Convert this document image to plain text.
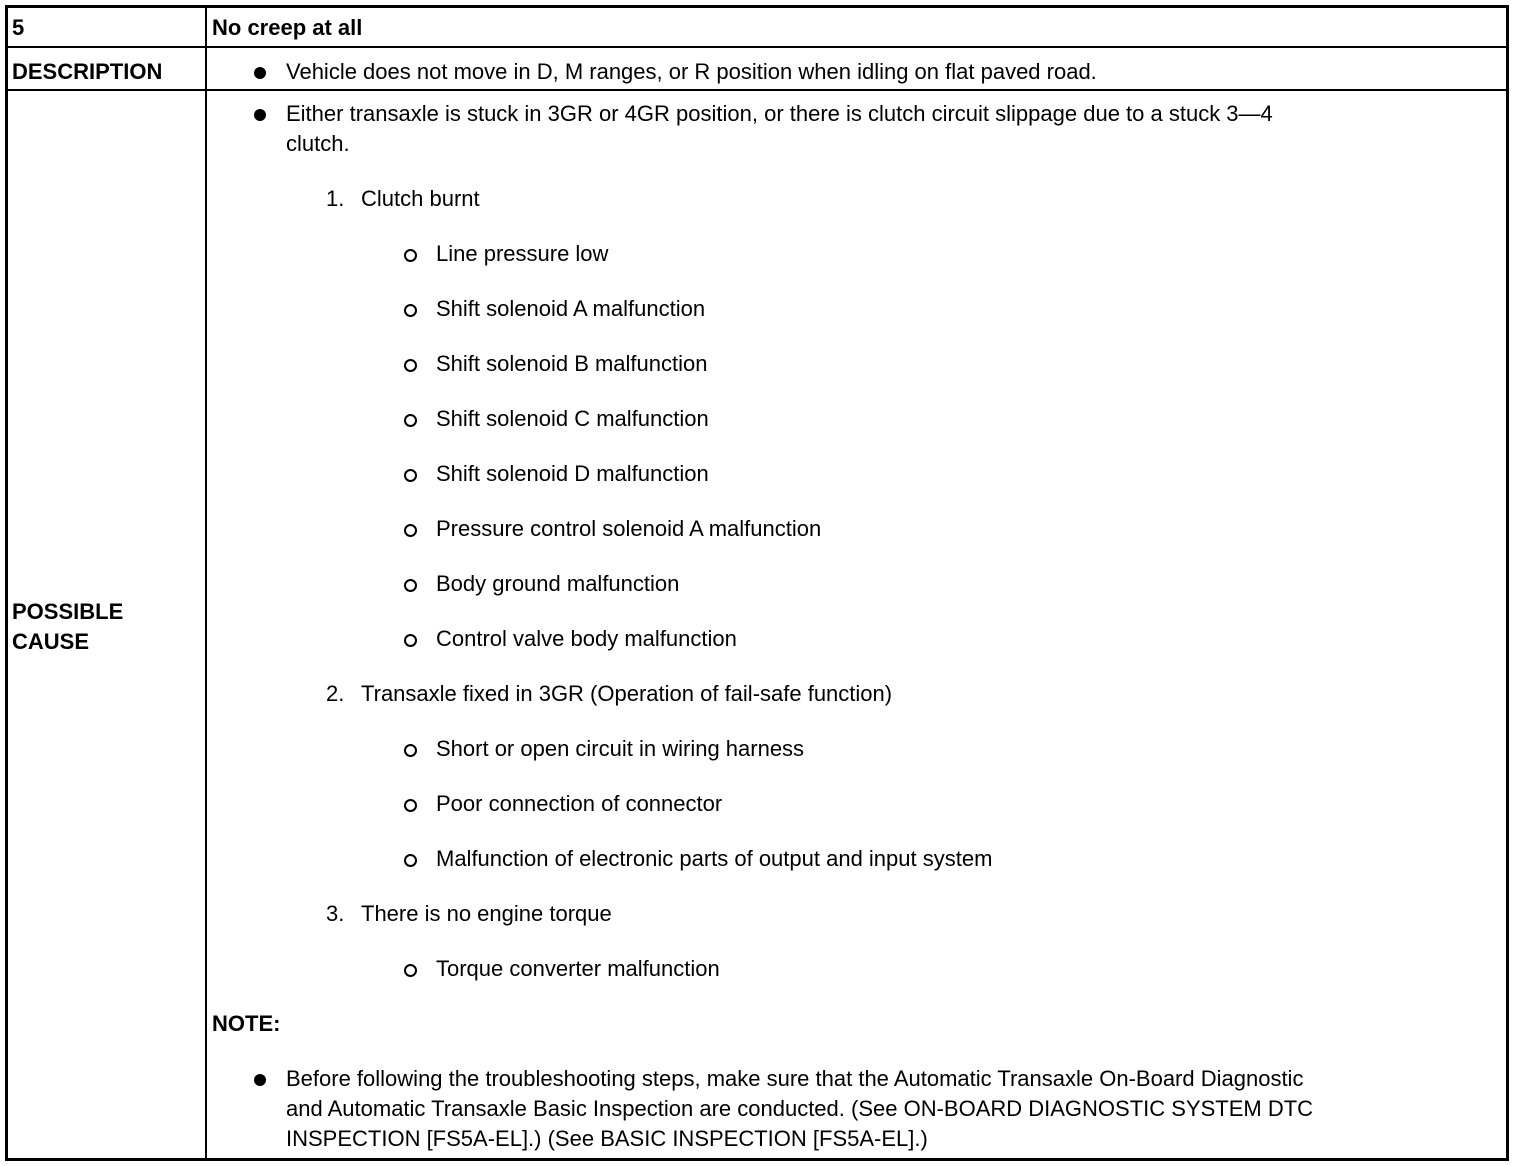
5	No creep at all
DESCRIPTION	Vehicle does not move in D, M ranges, or R position when idling on flat paved road.
POSSIBLE
CAUSE
Either transaxle is stuck in 3GR or 4GR position, or there is clutch circuit slippage due to a stuck 3—4
clutch.
1. Clutch burnt
Line pressure low
Shift solenoid A malfunction
Shift solenoid B malfunction
Shift solenoid C malfunction
Shift solenoid D malfunction
Pressure control solenoid A malfunction
Body ground malfunction
Control valve body malfunction
2. Transaxle fixed in 3GR (Operation of fail-safe function)
Short or open circuit in wiring harness
Poor connection of connector
Malfunction of electronic parts of output and input system
3. There is no engine torque
Torque converter malfunction
NOTE:
Before following the troubleshooting steps, make sure that the Automatic Transaxle On-Board Diagnostic
and Automatic Transaxle Basic Inspection are conducted. (See ON-BOARD DIAGNOSTIC SYSTEM DTC
INSPECTION [FS5A-EL].) (See BASIC INSPECTION [FS5A-EL].)
